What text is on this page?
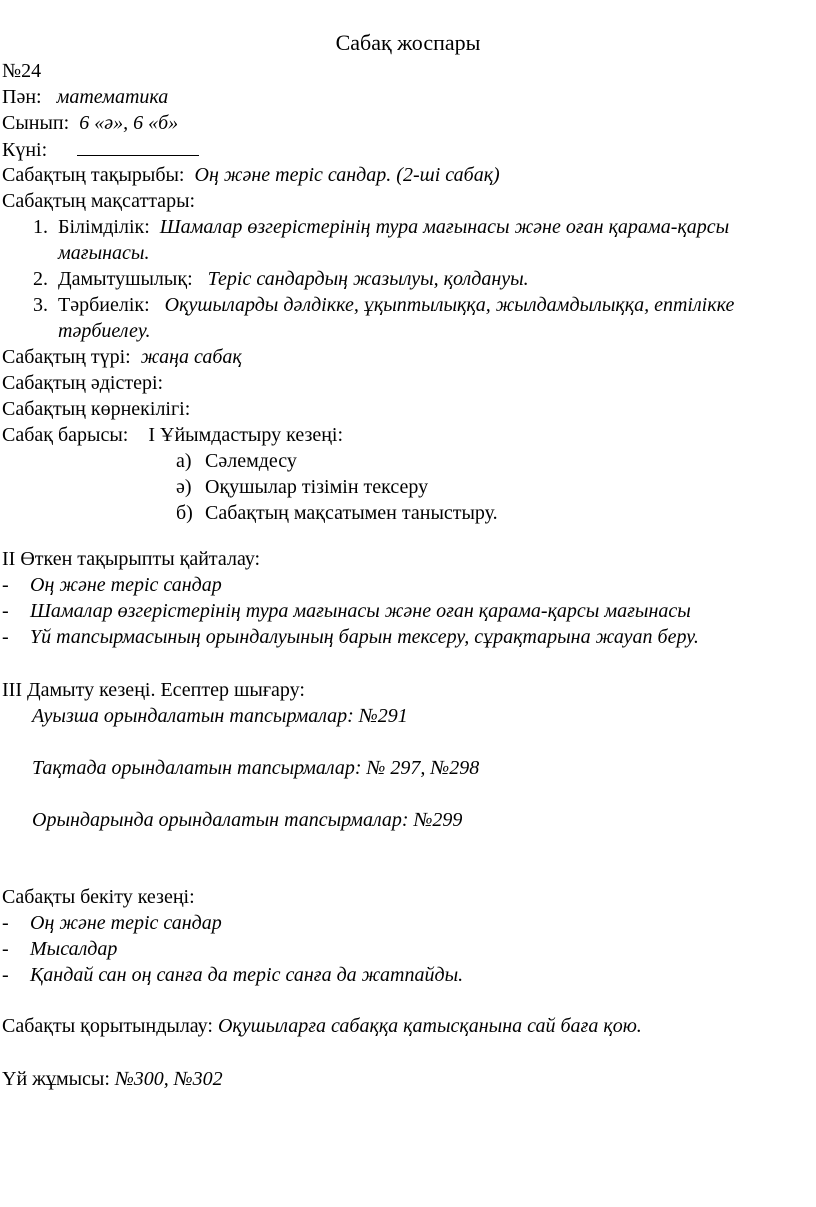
Сабақ жоспары
№24
Пән: математика
Сынып: 6 «ә», 6 «б»
Күні:
Сабақтың тақырыбы: Оң және теріс сандар. (2-ші сабақ)
Сабақтың мақсаттары:
1. Білімділік: Шамалар өзгерістерінің тура мағынасы және оған қарама-қарсы
мағынасы.
2. Дамытушылық: Теріс сандардың жазылуы, қолдануы.
3. Тәрбиелік: Оқушыларды дәлдікке, ұқыптылыққа, жылдамдылыққа, ептілікке
тәрбиелеу.
Сабақтың түрі: жаңа сабақ
Сабақтың әдістері:
Сабақтың көрнекілігі:
Сабақ барысы: I Ұйымдастыру кезеңі:
а) Сәлемдесу
ә) Оқушылар тізімін тексеру
б) Сабақтың мақсатымен таныстыру.
II Өткен тақырыпты қайталау:
- Оң және теріс сандар
- Шамалар өзгерістерінің тура мағынасы және оған қарама-қарсы мағынасы
- Үй тапсырмасының орындалуының барын тексеру, сұрақтарына жауап беру.
III Дамыту кезеңі. Есептер шығару:
Ауызша орындалатын тапсырмалар: №291
Тақтада орындалатын тапсырмалар: № 297, №298
Орындарында орындалатын тапсырмалар: №299
Сабақты бекіту кезеңі:
- Оң және теріс сандар
- Мысалдар
- Қандай сан оң санға да теріс санға да жатпайды.
Сабақты қорытындылау: Оқушыларға сабаққа қатысқанына сай баға қою.
Үй жұмысы: №300, №302
